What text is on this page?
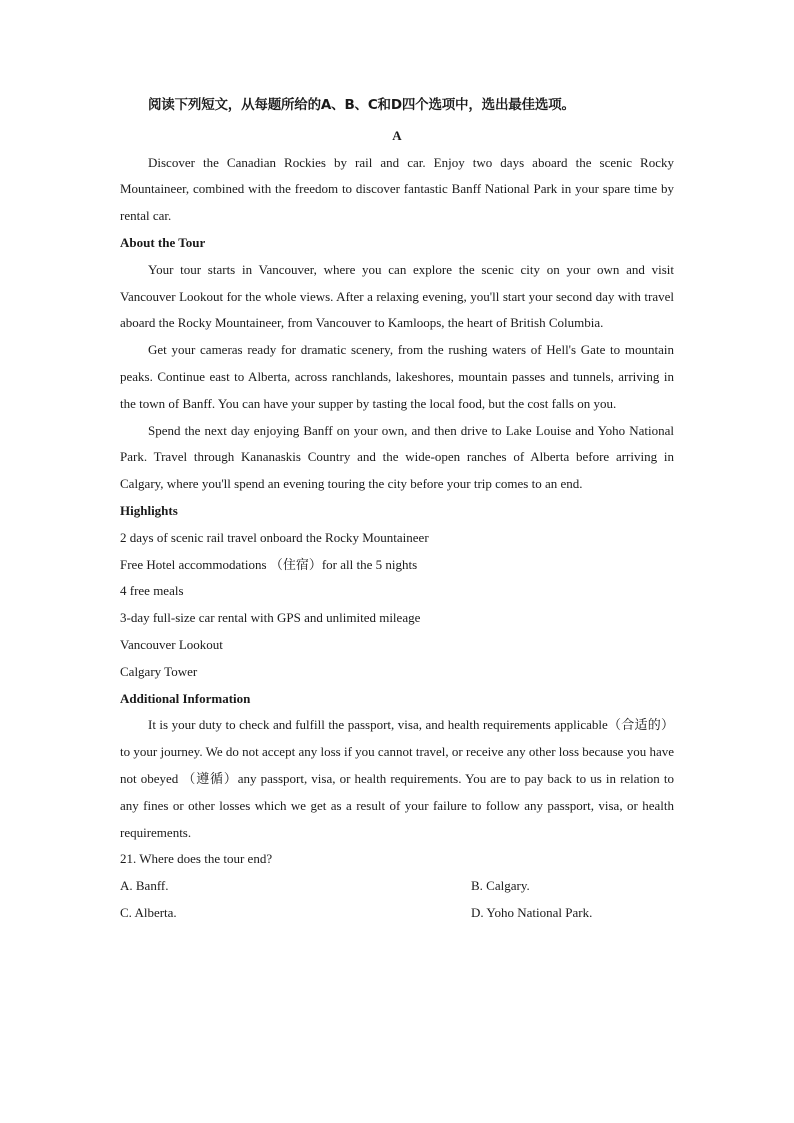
阅读下列短文，从每题所给的A、B、C和D四个选项中，选出最佳选项。

A

Discover the Canadian Rockies by rail and car. Enjoy two days aboard the scenic Rocky Mountaineer, combined with the freedom to discover fantastic Banff National Park in your spare time by rental car.

About the Tour

Your tour starts in Vancouver, where you can explore the scenic city on your own and visit Vancouver Lookout for the whole views. After a relaxing evening, you'll start your second day with travel aboard the Rocky Mountaineer, from Vancouver to Kamloops, the heart of British Columbia.

Get your cameras ready for dramatic scenery, from the rushing waters of Hell's Gate to mountain peaks. Continue east to Alberta, across ranchlands, lakeshores, mountain passes and tunnels, arriving in the town of Banff. You can have your supper by tasting the local food, but the cost falls on you.

Spend the next day enjoying Banff on your own, and then drive to Lake Louise and Yoho National Park. Travel through Kananaskis Country and the wide-open ranches of Alberta before arriving in Calgary, where you'll spend an evening touring the city before your trip comes to an end.

Highlights

2 days of scenic rail travel onboard the Rocky Mountaineer

Free Hotel accommodations （住宿）for all the 5 nights

4 free meals

3-day full-size car rental with GPS and unlimited mileage

Vancouver Lookout

Calgary Tower

Additional Information

It is your duty to check and fulfill the passport, visa, and health requirements applicable（合适的）to your journey. We do not accept any loss if you cannot travel, or receive any other loss because you have not obeyed （遵循）any passport, visa, or health requirements. You are to pay back to us in relation to any fines or other losses which we get as a result of your failure to follow any passport, visa, or health requirements.

21. Where does the tour end?

A. Banff.	B. Calgary.

C. Alberta.	D. Yoho National Park.
